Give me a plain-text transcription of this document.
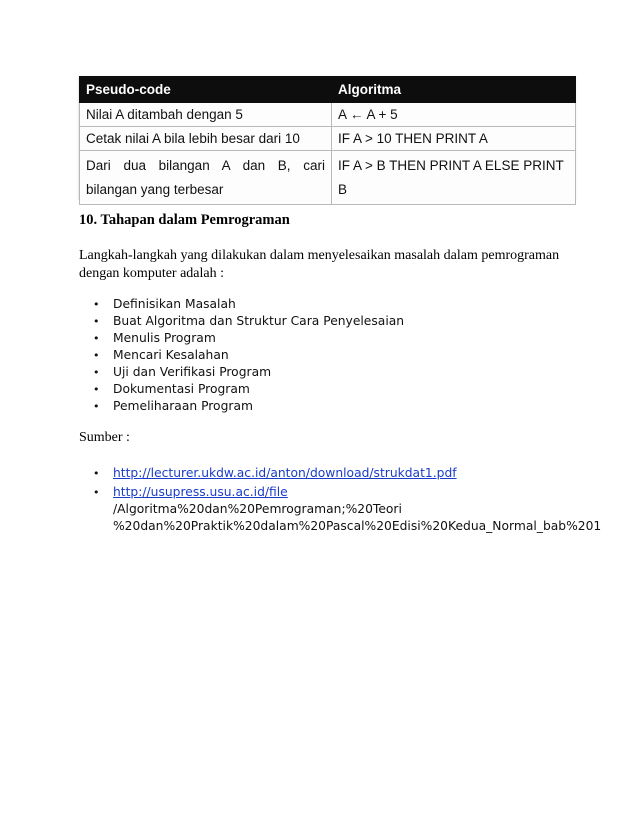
Pseudo-code	Algoritma
Nilai A ditambah dengan 5	A ← A + 5
Cetak nilai A bila lebih besar dari 10	IF A > 10 THEN PRINT A

Dari dua bilangan A dan B, cari
bilangan yang terbesar	IF A > B THEN PRINT A ELSE PRINT
B
10. Tahapan dalam Pemrograman
Langkah-langkah yang dilakukan dalam menyelesaikan masalah dalam pemrograman dengan komputer adalah :
• Definisikan Masalah
• Buat Algoritma dan Struktur Cara Penyelesaian
• Menulis Program
• Mencari Kesalahan
• Uji dan Verifikasi Program
• Dokumentasi Program
• Pemeliharaan Program
Sumber :
• http://lecturer.ukdw.ac.id/anton/download/strukdat1.pdf
• http://usupress.usu.ac.id/file /Algoritma%20dan%20Pemrograman;%20Teori
%20dan%20Praktik%20dalam%20Pascal%20Edisi%20Kedua_Normal_bab%201
